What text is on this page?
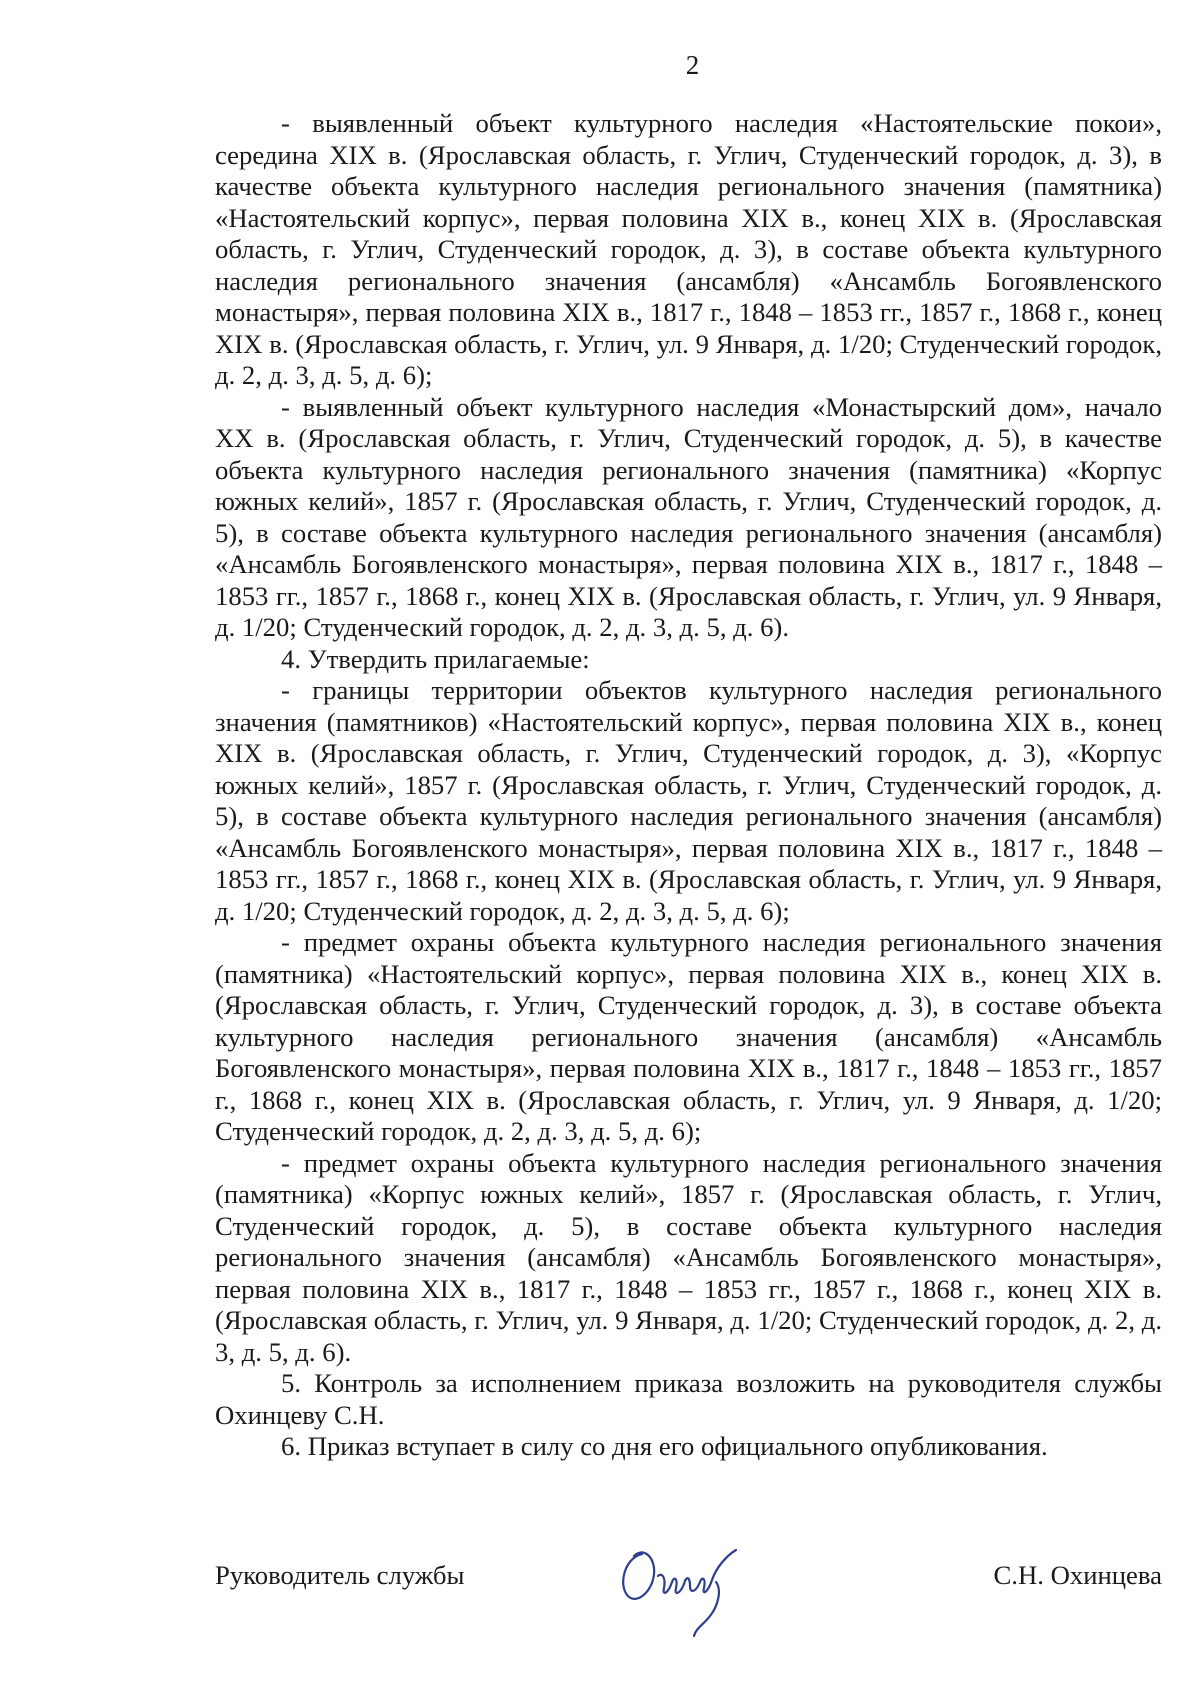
2

- выявленный объект культурного наследия «Настоятельские покои», середина XIX в. (Ярославская область, г. Углич, Студенческий городок, д. 3), в качестве объекта культурного наследия регионального значения (памятника) «Настоятельский корпус», первая половина XIX в., конец XIX в. (Ярославская область, г. Углич, Студенческий городок, д. 3), в составе объекта культурного наследия регионального значения (ансамбля) «Ансамбль Богоявленского монастыря», первая половина XIX в., 1817 г., 1848 – 1853 гг., 1857 г., 1868 г., конец XIX в. (Ярославская область, г. Углич, ул. 9 Января, д. 1/20; Студенческий городок, д. 2, д. 3, д. 5, д. 6);

- выявленный объект культурного наследия «Монастырский дом», начало XX в. (Ярославская область, г. Углич, Студенческий городок, д. 5), в качестве объекта культурного наследия регионального значения (памятника) «Корпус южных келий», 1857 г. (Ярославская область, г. Углич, Студенческий городок, д. 5), в составе объекта культурного наследия регионального значения (ансамбля) «Ансамбль Богоявленского монастыря», первая половина XIX в., 1817 г., 1848 – 1853 гг., 1857 г., 1868 г., конец XIX в. (Ярославская область, г. Углич, ул. 9 Января, д. 1/20; Студенческий городок, д. 2, д. 3, д. 5, д. 6).

4. Утвердить прилагаемые:

- границы территории объектов культурного наследия регионального значения (памятников) «Настоятельский корпус», первая половина XIX в., конец XIX в. (Ярославская область, г. Углич, Студенческий городок, д. 3), «Корпус южных келий», 1857 г. (Ярославская область, г. Углич, Студенческий городок, д. 5), в составе объекта культурного наследия регионального значения (ансамбля) «Ансамбль Богоявленского монастыря», первая половина XIX в., 1817 г., 1848 – 1853 гг., 1857 г., 1868 г., конец XIX в. (Ярославская область, г. Углич, ул. 9 Января, д. 1/20; Студенческий городок, д. 2, д. 3, д. 5, д. 6);

- предмет охраны объекта культурного наследия регионального значения (памятника) «Настоятельский корпус», первая половина XIX в., конец XIX в. (Ярославская область, г. Углич, Студенческий городок, д. 3), в составе объекта культурного наследия регионального значения (ансамбля) «Ансамбль Богоявленского монастыря», первая половина XIX в., 1817 г., 1848 – 1853 гг., 1857 г., 1868 г., конец XIX в. (Ярославская область, г. Углич, ул. 9 Января, д. 1/20; Студенческий городок, д. 2, д. 3, д. 5, д. 6);

- предмет охраны объекта культурного наследия регионального значения (памятника) «Корпус южных келий», 1857 г. (Ярославская область, г. Углич, Студенческий городок, д. 5), в составе объекта культурного наследия регионального значения (ансамбля) «Ансамбль Богоявленского монастыря», первая половина XIX в., 1817 г., 1848 – 1853 гг., 1857 г., 1868 г., конец XIX в. (Ярославская область, г. Углич, ул. 9 Января, д. 1/20; Студенческий городок, д. 2, д. 3, д. 5, д. 6).

5. Контроль за исполнением приказа возложить на руководителя службы Охинцеву С.Н.

6. Приказ вступает в силу со дня его официального опубликования.

Руководитель службы	С.Н. Охинцева
